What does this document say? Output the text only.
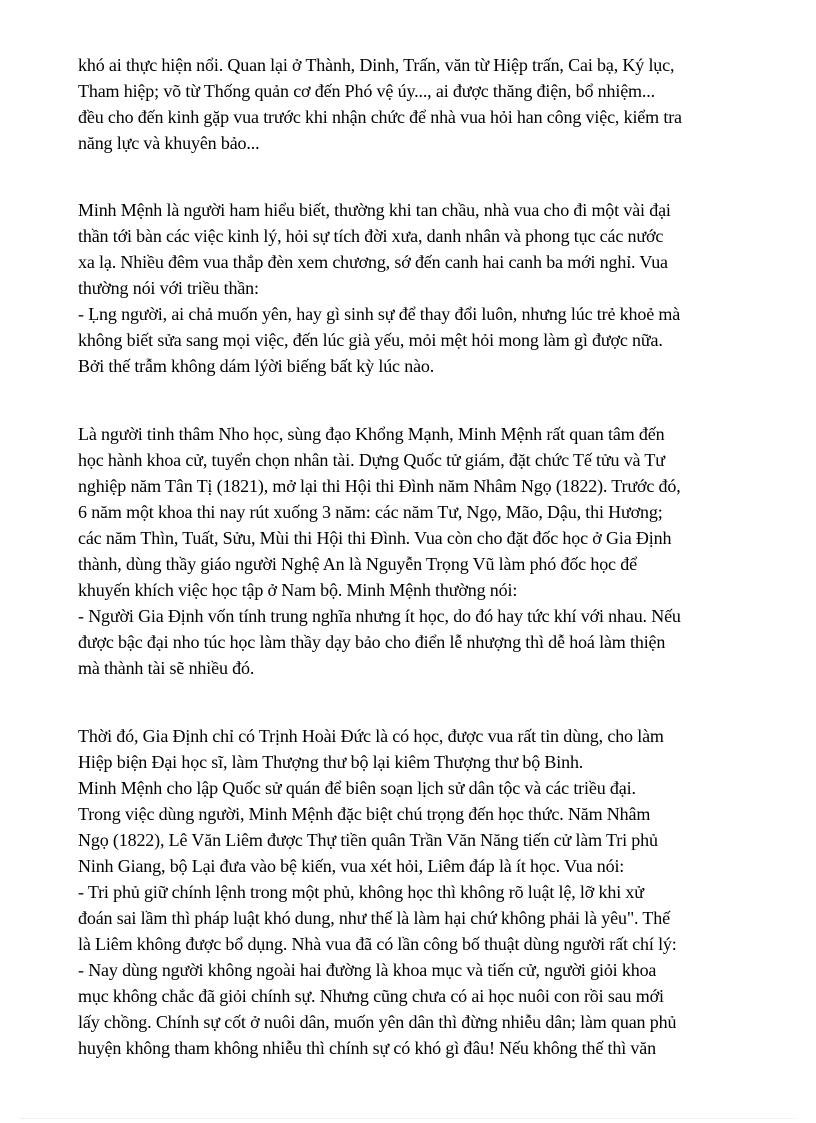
khó ai thực hiện nổi. Quan lại ở Thành, Dinh, Trấn, văn từ Hiệp trấn, Cai bạ, Ký lục,
Tham hiệp; võ từ Thống quản cơ đến Phó vệ úy..., ai được thăng điện, bổ nhiệm...
đều cho đến kinh gặp vua trước khi nhận chức để nhà vua hỏi han công việc, kiểm tra
năng lực và khuyên bảo...
Minh Mệnh là người ham hiểu biết, thường khi tan chầu, nhà vua cho đi một vài đại
thần tới bàn các việc kinh lý, hỏi sự tích đời xưa, danh nhân và phong tục các nước
xa lạ. Nhiều đêm vua thắp đèn xem chương, sớ đến canh hai canh ba mới nghỉ. Vua
thường nói với triều thần:
- Ḷng người, ai chả muốn yên, hay gì sinh sự để thay đổi luôn, nhưng lúc trẻ khoẻ mà
không biết sửa sang mọi việc, đến lúc già yếu, mỏi mệt hỏi mong làm gì được nữa.
Bởi thế trẫm không dám lýời biếng bất kỳ lúc nào.
Là người tinh thâm Nho học, sùng đạo Khổng Mạnh, Minh Mệnh rất quan tâm đến
học hành khoa cử, tuyển chọn nhân tài. Dựng Quốc tử giám, đặt chức Tế tửu và Tư
nghiệp năm Tân Tị (1821), mở lại thi Hội thi Đình năm Nhâm Ngọ (1822). Trước đó,
6 năm một khoa thi nay rút xuống 3 năm: các năm Tư, Ngọ, Mão, Dậu, thi Hương;
các năm Thìn, Tuất, Sửu, Mùi thi Hội thi Đình. Vua còn cho đặt đốc học ở Gia Định
thành, dùng thầy giáo người Nghệ An là Nguyễn Trọng Vũ làm phó đốc học để
khuyến khích việc học tập ở Nam bộ. Minh Mệnh thường nói:
- Người Gia Định vốn tính trung nghĩa nhưng ít học, do đó hay tức khí với nhau. Nếu
được bậc đại nho túc học làm thầy dạy bảo cho điển lễ nhượng thì dễ hoá làm thiện
mà thành tài sẽ nhiều đó.
Thời đó, Gia Định chỉ có Trịnh Hoài Đức là có học, được vua rất tin dùng, cho làm
Hiệp biện Đại học sĩ, làm Thượng thư bộ lại kiêm Thượng thư bộ Binh.
Minh Mệnh cho lập Quốc sử quán để biên soạn lịch sử dân tộc và các triều đại.
Trong việc dùng người, Minh Mệnh đặc biệt chú trọng đến học thức. Năm Nhâm
Ngọ (1822), Lê Văn Liêm được Thự tiền quân Trần Văn Năng tiến cử làm Tri phủ
Ninh Giang, bộ Lại đưa vào bệ kiến, vua xét hỏi, Liêm đáp là ít học. Vua nói:
- Tri phủ giữ chính lệnh trong một phủ, không học thì không rõ luật lệ, lỡ khi xử
đoán sai lầm thì pháp luật khó dung, như thế là làm hại chứ không phải là yêu". Thế
là Liêm không được bổ dụng. Nhà vua đã có lần công bố thuật dùng người rất chí lý:
- Nay dùng người không ngoài hai đường là khoa mục và tiến cử, người giỏi khoa
mục không chắc đã giỏi chính sự. Nhưng cũng chưa có ai học nuôi con rồi sau mới
lấy chồng. Chính sự cốt ở nuôi dân, muốn yên dân thì đừng nhiễu dân; làm quan phủ
huyện không tham không nhiễu thì chính sự có khó gì đâu! Nếu không thế thì văn
